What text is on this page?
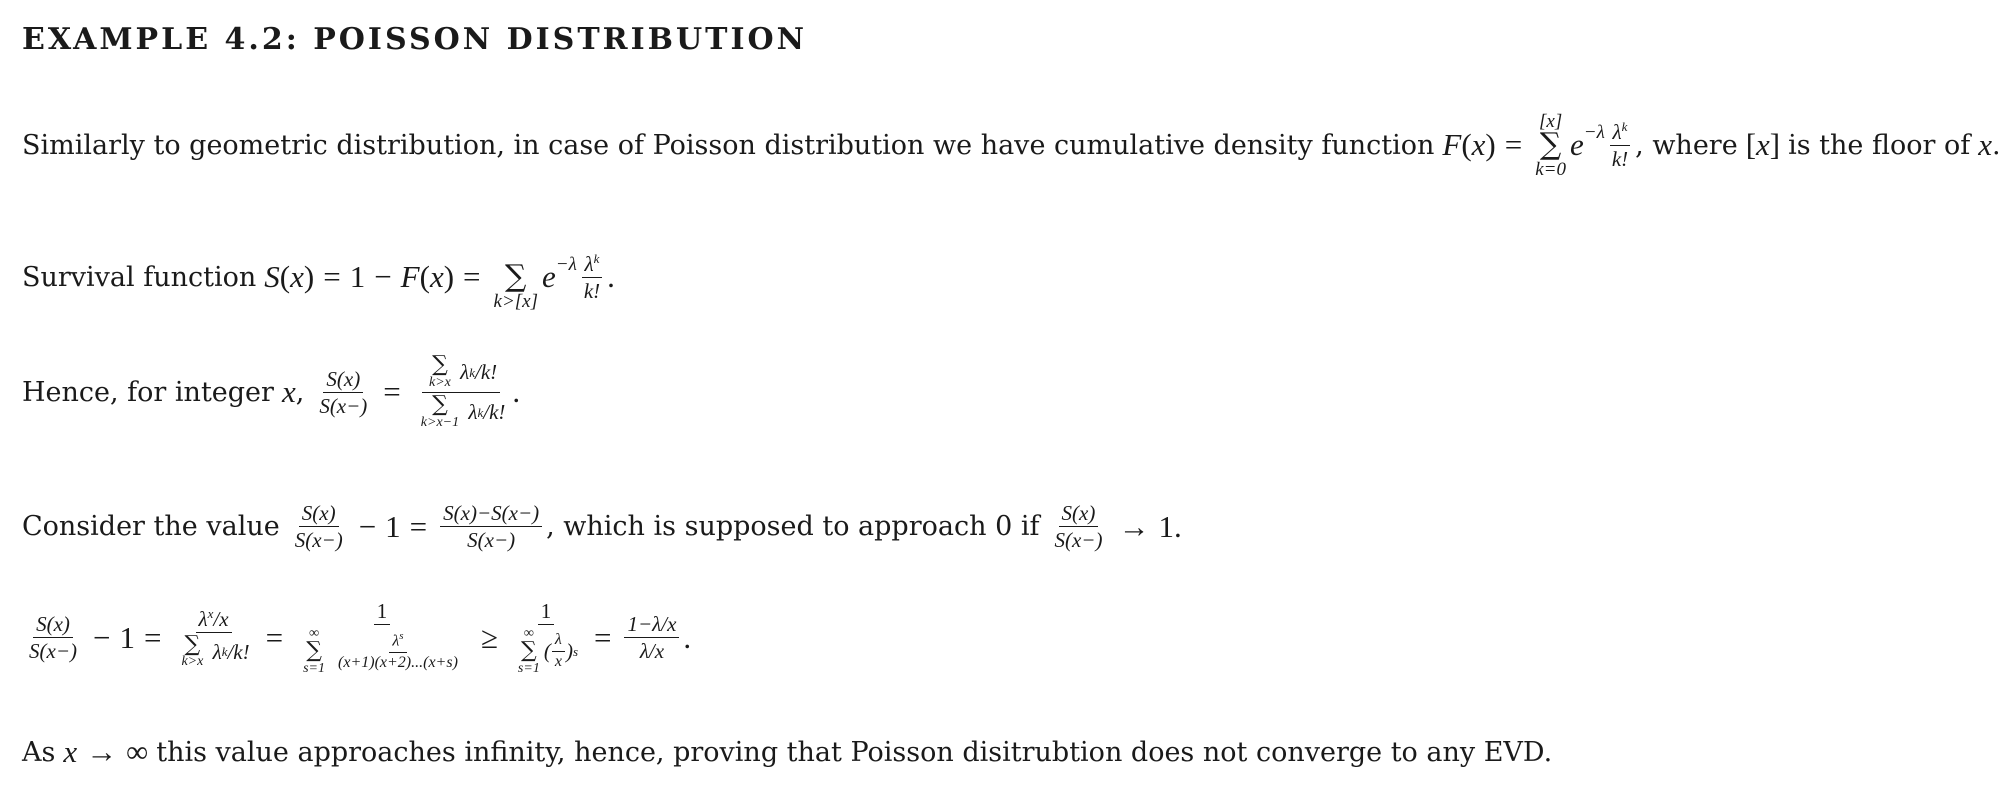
EXAMPLE 4.2: POISSON DISTRIBUTION
Similarly to geometric distribution, in case of Poisson distribution we have cumulative density function F ( x ) =
[x]
∑
k=0
$e^{-\lambda} \frac{\lambda^k}{k!}$ , where [ x ] is the floor of x .
Survival function S ( x ) = 1 − F ( x ) = ∑
k>[x]
$e^{-\lambda} \frac{\lambda^k}{k!}$ .
Hence, for integer x , $\frac{S(x)}{S(x-)}$ = ∑
k>x λ k /k!
∑
k>x−1 λ k /k! .
Consider the value $\frac{S(x)}{S(x-)} - 1 = \frac{S(x)-S(x-)}{S(x-)}$ , which is supposed to approach 0 if $\frac{S(x)}{S(x-)} \to 1$.
$\frac{S(x)}{S(x-)} - 1 = \lambda^x/x$
∑
k>x λ k /k! = 1
∞
∑
$s=1 \frac{\lambda^s}{(x+1)(x+2)...(x+s)} \ge 1$
∞
∑
s=1
( $\frac{\lambda}{x}$ ) $s = \frac{1-\lambda/x}{\lambda/x}$ .
As x → ∞ this value approaches infinity, hence, proving that Poisson disitrubtion does not converge to any EVD.
